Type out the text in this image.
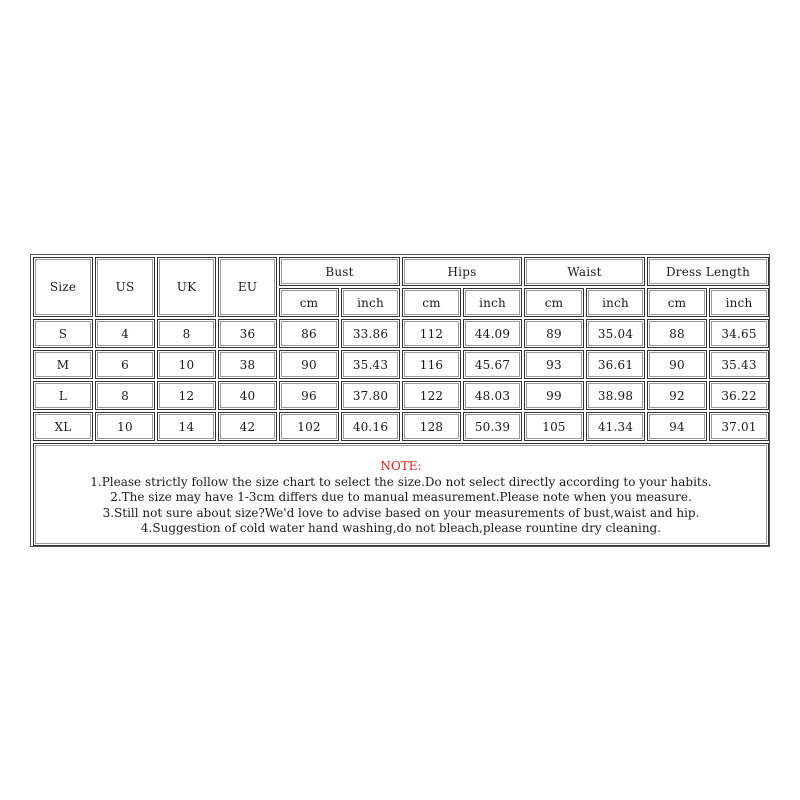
Size	US	UK	EU
Bust	Hips	Waist	Dress Length
cm	inch	cm	inch	cm	inch	cm	inch
S	4	8	36	86	33.86	112	44.09	89	35.04	88	34.65
M	6	10	38	90	35.43	116	45.67	93	36.61	90	35.43
L	8	12	40	96	37.80	122	48.03	99	38.98	92	36.22
XL	10	14	42	102	40.16	128	50.39	105	41.34	94	37.01
NOTE:
1.Please strictly follow the size chart to select the size.Do not select directly according to your habits.
2.The size may have 1-3cm differs due to manual measurement.Please note when you measure.
3.Still not sure about size?We'd love to advise based on your measurements of bust,waist and hip.
4.Suggestion of cold water hand washing,do not bleach,please rountine dry cleaning.
